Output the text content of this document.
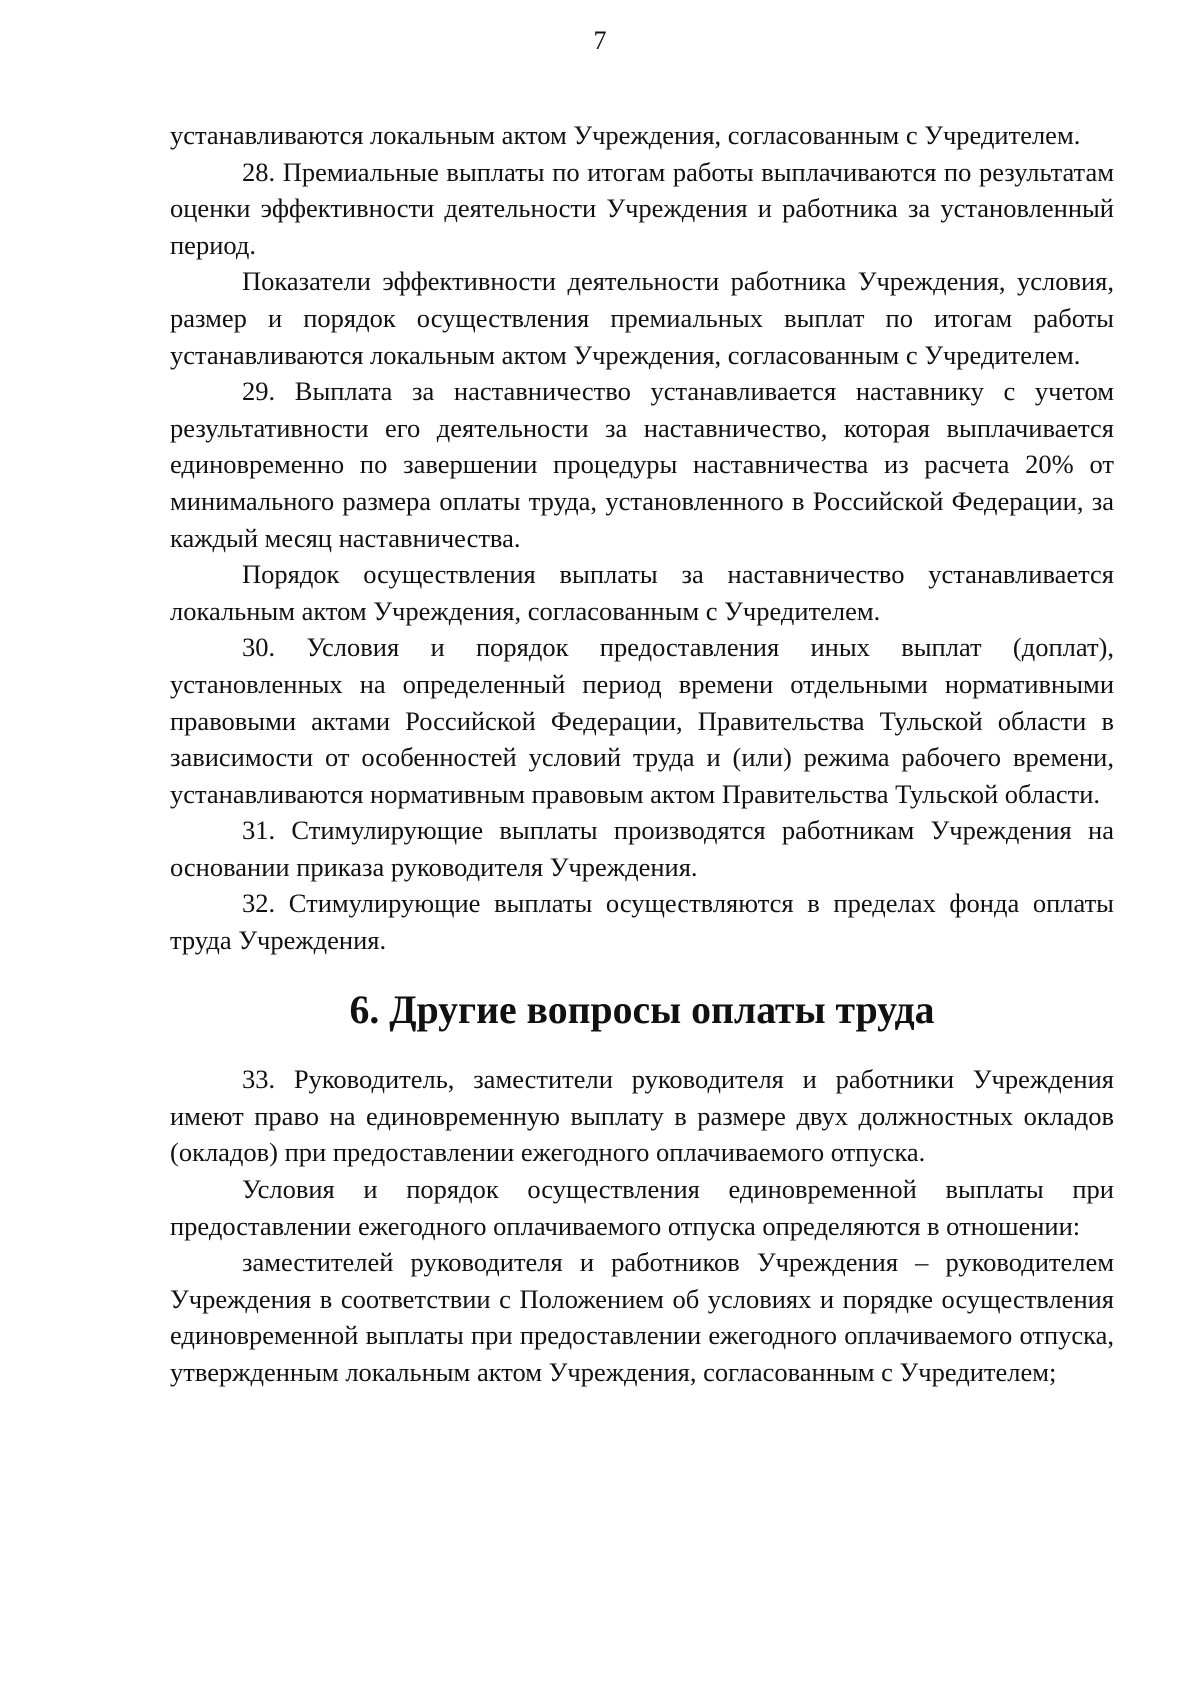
7

устанавливаются локальным актом Учреждения, согласованным с Учредителем.

28. Премиальные выплаты по итогам работы выплачиваются по результатам оценки эффективности деятельности Учреждения и работника за установленный период.

Показатели эффективности деятельности работника Учреждения, условия, размер и порядок осуществления премиальных выплат по итогам работы устанавливаются локальным актом Учреждения, согласованным с Учредителем.

29. Выплата за наставничество устанавливается наставнику с учетом результативности его деятельности за наставничество, которая выплачивается единовременно по завершении процедуры наставничества из расчета 20% от минимального размера оплаты труда, установленного в Российской Федерации, за каждый месяц наставничества.

Порядок осуществления выплаты за наставничество устанавливается локальным актом Учреждения, согласованным с Учредителем.

30. Условия и порядок предоставления иных выплат (доплат), установленных на определенный период времени отдельными нормативными правовыми актами Российской Федерации, Правительства Тульской области в зависимости от особенностей условий труда и (или) режима рабочего времени, устанавливаются нормативным правовым актом Правительства Тульской области.

31. Стимулирующие выплаты производятся работникам Учреждения на основании приказа руководителя Учреждения.

32. Стимулирующие выплаты осуществляются в пределах фонда оплаты труда Учреждения.

6. Другие вопросы оплаты труда

33. Руководитель, заместители руководителя и работники Учреждения имеют право на единовременную выплату в размере двух должностных окладов (окладов) при предоставлении ежегодного оплачиваемого отпуска.

Условия и порядок осуществления единовременной выплаты при предоставлении ежегодного оплачиваемого отпуска определяются в отношении:

заместителей руководителя и работников Учреждения – руководителем Учреждения в соответствии с Положением об условиях и порядке осуществления единовременной выплаты при предоставлении ежегодного оплачиваемого отпуска, утвержденным локальным актом Учреждения, согласованным с Учредителем;
